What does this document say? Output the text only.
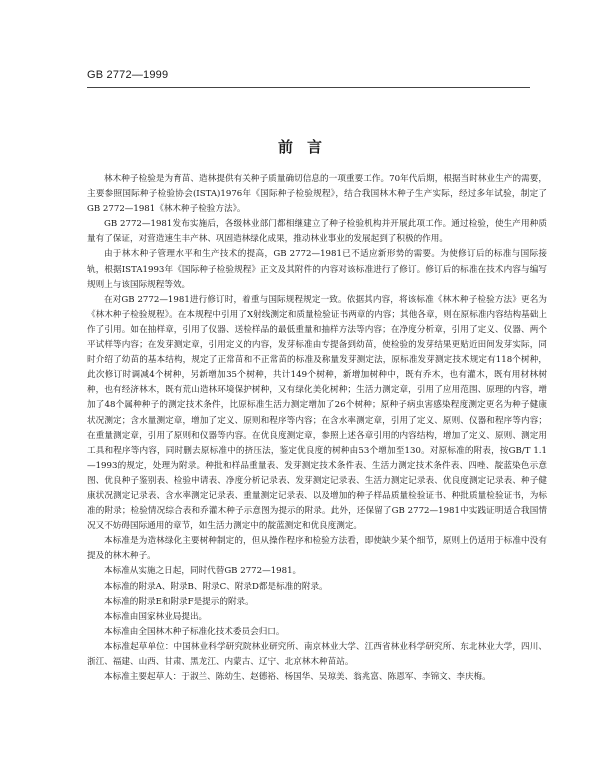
GB 2772—1999
前言

林木种子检验是为育苗、造林提供有关种子质量确切信息的一项重要工作。70年代后期，根据当时林业生产的需要，主要参照国际种子检验协会(ISTA)1976年《国际种子检验规程》，结合我国林木种子生产实际，经过多年试验，制定了GB 2772—1981《林木种子检验方法》。

GB 2772—1981发布实施后，各级林业部门都相继建立了种子检验机构并开展此项工作。通过检验，使生产用种质量有了保证，对营造速生丰产林、巩固造林绿化成果，推动林业事业的发展起到了积极的作用。

由于林木种子管理水平和生产技术的提高，GB 2772—1981已不适应新形势的需要。为使修订后的标准与国际接轨，根据ISTA1993年《国际种子检验规程》正文及其附件的内容对该标准进行了修订。修订后的标准在技术内容与编写规则上与该国际规程等效。

在对GB 2772—1981进行修订时，着重与国际规程规定一致。依据其内容，将该标准《林木种子检验方法》更名为《林木种子检验规程》。在本规程中引用了X射线测定和质量检验证书两章的内容；其他各章，则在原标准内容结构基础上作了引用。如在抽样章，引用了仪器、送检样品的最低重量和抽样方法等内容；在净度分析章，引用了定义、仪器、两个平试样等内容；在发芽测定章，引用定义的内容，发芽标准由专提备到幼苗，使检验的发芽结果更贴近田间发芽实际，同时介绍了幼苗的基本结构，规定了正常苗和不正常苗的标准及称量发芽测定法，原标准发芽测定技术规定有118个树种，此次修订时调减4个树种，另新增加35个树种，共计149个树种，新增加树种中，既有乔木，也有灌木，既有用材林树种，也有经济林木，既有荒山造林环境保护树种，又有绿化美化树种；生活力测定章，引用了应用范围、原理的内容，增加了48个属种种子的测定技术条件，比原标准生活力测定增加了26个树种；原种子病虫害感染程度测定更名为种子健康状况测定；含水量测定章，增加了定义、原则和程序等内容；在含水率测定章，引用了定义、原则、仪器和程序等内容；在重量测定章，引用了原则和仪器等内容。在优良度测定章，参照上述各章引用的内容结构，增加了定义、原则、测定用工具和程序等内容，同时删去原标准中的挤压法，鉴定优良度的树种由53个增加至130。对原标准的附表，按GB/T 1.1—1993的规定，处理为附录。种批和样品重量表、发芽测定技术条件表、生活力测定技术条件表、四唑、靛蓝染色示意图、优良种子鉴别表、检验申请表、净度分析记录表、发芽测定记录表、生活力测定记录表、优良度测定记录表、种子健康状况测定记录表、含水率测定记录表、重量测定记录表、以及增加的种子样品质量检验证书、种批质量检验证书，为标准的附录；检验情况综合表和乔灌木种子示意图为提示的附录。此外，还保留了GB 2772—1981中实践证明适合我国情况又不妨碍国际通用的章节，如生活力测定中的靛蓝测定和优良度测定。

本标准是为造林绿化主要树种制定的，但从操作程序和检验方法看，即使缺少某个细节，原则上仍适用于标准中没有提及的林木种子。

本标准从实施之日起，同时代替GB 2772—1981。

本标准的附录A、附录B、附录C、附录D都是标准的附录。

本标准的附录E和附录F是提示的附录。

本标准由国家林业局提出。

本标准由全国林木种子标准化技术委员会归口。

本标准起草单位：中国林业科学研究院林业研究所、南京林业大学、江西省林业科学研究所、东北林业大学，四川、浙江、福建、山西、甘肃、黑龙江、内蒙古、辽宁、北京林木种苗站。

本标准主要起草人：于淑兰、陈幼生、赵德裕、杨国华、吴琼美、翁兆富、陈恩军、李锦文、李庆梅。
